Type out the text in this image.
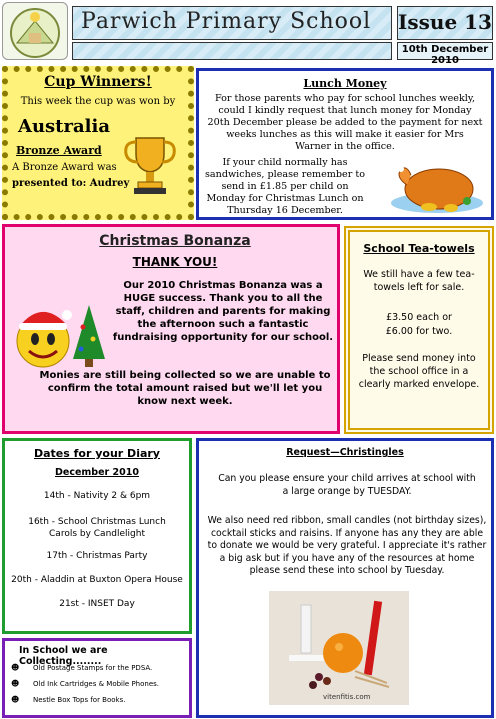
Parwich Primary School Issue 13
10th December 2010
Cup Winners!
This week the cup was won by
Australia
Bronze Award
A Bronze Award was
presented to: Audrey
Lunch Money

For those parents who pay for school lunches weekly, could I kindly request that lunch money for Monday 20th December please be added to the payment for next weeks lunches as this will make it easier for Mrs Warner in the office.

If your child normally has sandwiches, please remember to send in £1.85 per child on Monday for Christmas Lunch on Thursday 16 December.

Christmas Bonanza
THANK YOU!

Our 2010 Christmas Bonanza was a HUGE success. Thank you to all the staff, children and parents for making the afternoon such a fantastic fundraising opportunity for our school.

Monies are still being collected so we are unable to confirm the total amount raised but we'll let you know next week.

School Tea-towels

We still have a few tea-towels left for sale.

£3.50 each or
£6.00 for two.

Please send money into the school office in a clearly marked envelope.

Dates for your Diary
December 2010
14th - Nativity 2 & 6pm
16th - School Christmas Lunch
Carols by Candlelight
17th - Christmas Party
20th - Aladdin at Buxton Opera House
21st - INSET Day
In School we are Collecting........
☻ Old Postage Stamps for the PDSA.
☻ Old Ink Cartridges & Mobile Phones.
☻ Nestle Box Tops for Books.
Request—Christingles

Can you please ensure your child arrives at school with a large orange by TUESDAY.

We also need red ribbon, small candles (not birthday sizes), cocktail sticks and raisins. If anyone has any they are able to donate we would be very grateful. I appreciate it's rather a big ask but if you have any of the resources at home please send these into school by Tuesday.

vitenfitis.com
